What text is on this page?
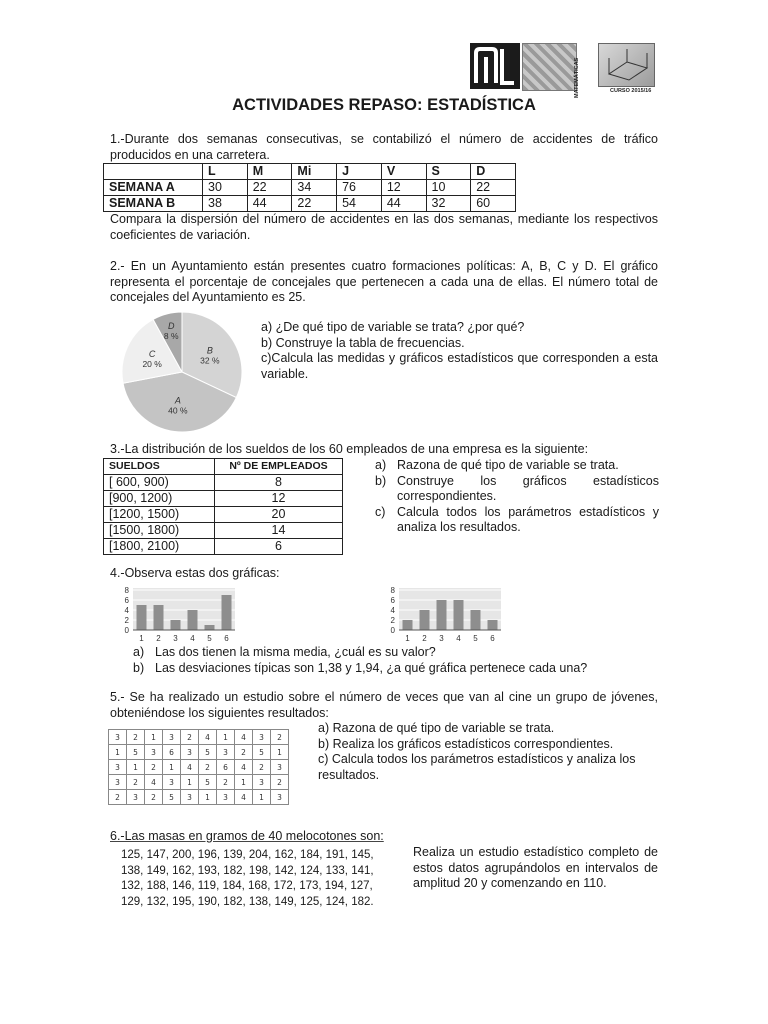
MATEMÁTICAS	CURSO 2015/16
ACTIVIDADES REPASO: ESTADÍSTICA
1.-Durante dos semanas consecutivas, se contabilizó el número de accidentes de tráfico producidos en una carretera.
	L	M	Mi	J	V	S	D
SEMANA A	30	22	34	76	12	10	22
SEMANA B	38	44	22	54	44	32	60
Compara la dispersión del número de accidentes en las dos semanas, mediante los respectivos coeficientes de variación.
2.- En un Ayuntamiento están presentes cuatro formaciones políticas: A, B, C y D. El gráfico representa el porcentaje de concejales que pertenecen a cada una de ellas. El número total de concejales del Ayuntamiento es 25.
B
32 %
A
40 %
C
20 %
D
8 %
a) ¿De qué tipo de variable se trata? ¿por qué?
b) Construye la tabla de frecuencias.
c)Calcula las medidas y gráficos estadísticos que corresponden a esta variable.
3.-La distribución de los sueldos de los 60 empleados de una empresa es la siguiente:
SUELDOS	Nº DE EMPLEADOS
[ 600, 900)	8
[900, 1200)	12
[1200, 1500)	20
[1500, 1800)	14
[1800, 2100)	6
a) Razona de qué tipo de variable se trata.
b) Construye los gráficos estadísticos correspondientes.
c) Calcula todos los parámetros estadísticos y analiza los resultados.
4.-Observa estas dos gráficas:
0
2
4
6
8
1 2 3 4 5 6
0
2
4
6
8
1 2 3 4 5 6
a) Las dos tienen la misma media, ¿cuál es su valor?
b) Las desviaciones típicas son 1,38 y 1,94, ¿a qué gráfica pertenece cada una?
5.- Se ha realizado un estudio sobre el número de veces que van al cine un grupo de jóvenes, obteniéndose los siguientes resultados:
3	2	1	3	2	4	1	4	3	2
1	5	3	6	3	5	3	2	5	1
3	1	2	1	4	2	6	4	2	3
3	2	4	3	1	5	2	1	3	2
2	3	2	5	3	1	3	4	1	3
a) Razona de qué tipo de variable se trata.
b) Realiza los gráficos estadísticos correspondientes.
c) Calcula todos los parámetros estadísticos y analiza los resultados.
6.-Las masas en gramos de 40 melocotones son:
125, 147, 200, 196, 139, 204, 162, 184, 191, 145,
138, 149, 162, 193, 182, 198, 142, 124, 133, 141,
132, 188, 146, 119, 184, 168, 172, 173, 194, 127,
129, 132, 195, 190, 182, 138, 149, 125, 124, 182.
Realiza un estudio estadístico completo de estos datos agrupándolos en intervalos de amplitud 20 y comenzando en 110.
